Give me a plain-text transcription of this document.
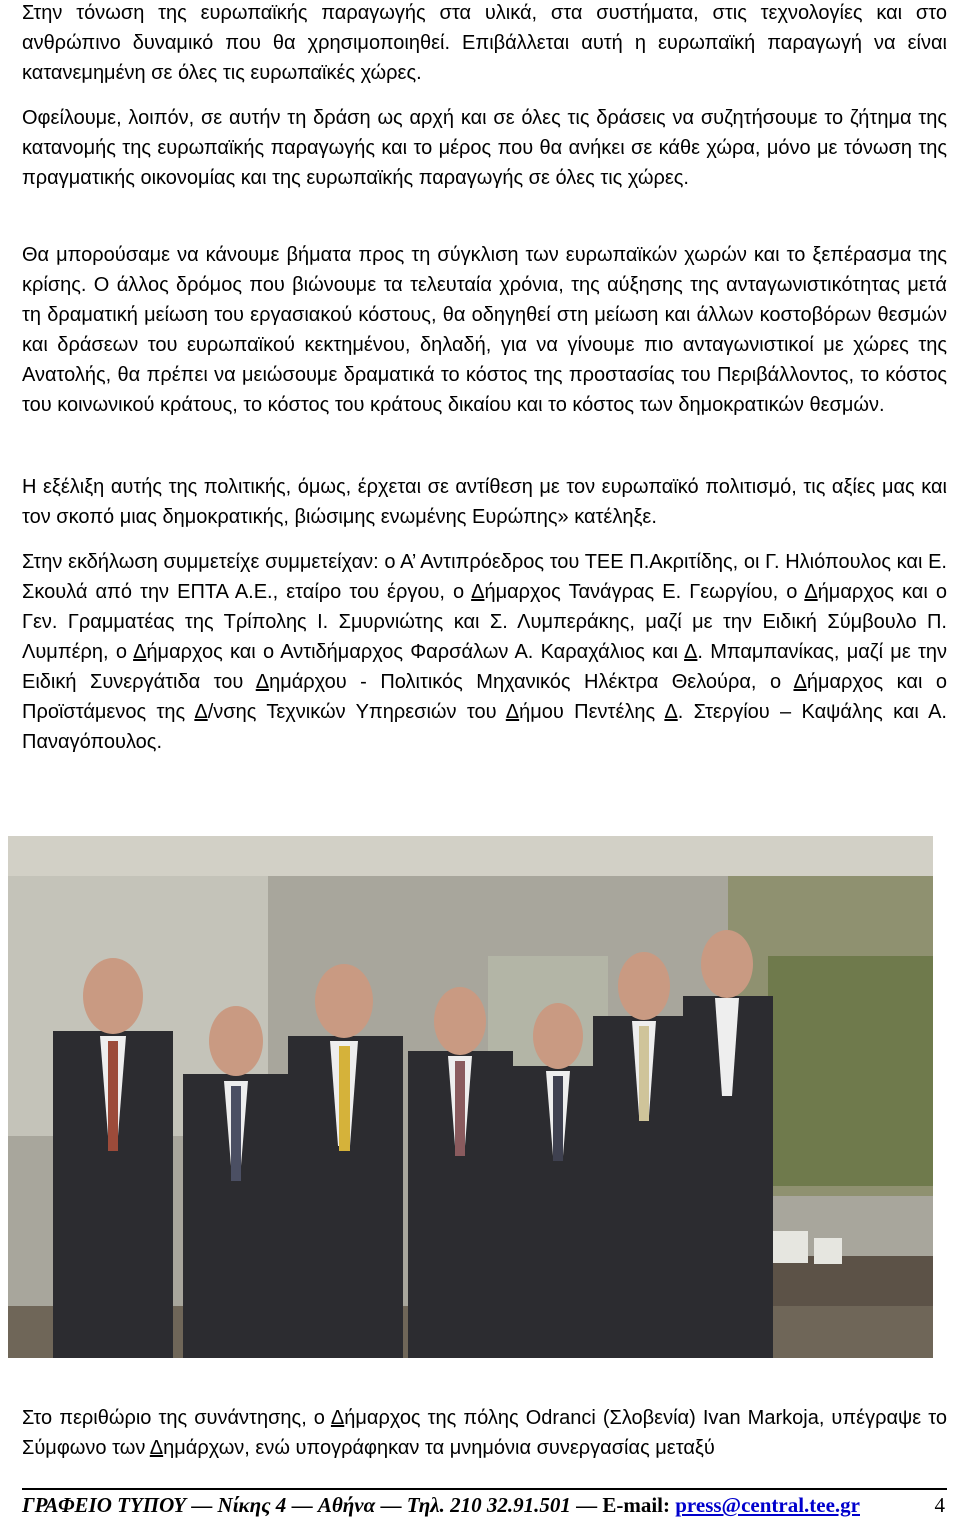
Στην τόνωση της ευρωπαϊκής παραγωγής στα υλικά, στα συστήματα, στις τεχνολογίες και στο ανθρώπινο δυναμικό που θα χρησιμοποιηθεί. Επιβάλλεται αυτή η ευρωπαϊκή παραγωγή να είναι κατανεμημένη σε όλες τις ευρωπαϊκές χώρες.

Οφείλουμε, λοιπόν, σε αυτήν τη δράση ως αρχή και σε όλες τις δράσεις να συζητήσουμε το ζήτημα της κατανομής της ευρωπαϊκής παραγωγής και το μέρος που θα ανήκει σε κάθε χώρα, μόνο με τόνωση της πραγματικής οικονομίας και της ευρωπαϊκής παραγωγής σε όλες τις χώρες.

Θα μπορούσαμε να κάνουμε βήματα προς τη σύγκλιση των ευρωπαϊκών χωρών και το ξεπέρασμα της κρίσης. Ο άλλος δρόμος που βιώνουμε τα τελευταία χρόνια, της αύξησης της ανταγωνιστικότητας μετά τη δραματική μείωση του εργασιακού κόστους, θα οδηγηθεί στη μείωση και άλλων κοστοβόρων θεσμών και δράσεων του ευρωπαϊκού κεκτημένου, δηλαδή, για να γίνουμε πιο ανταγωνιστικοί με χώρες της Ανατολής, θα πρέπει να μειώσουμε δραματικά το κόστος της προστασίας του Περιβάλλοντος, το κόστος του κοινωνικού κράτους, το κόστος του κράτους δικαίου και το κόστος των δημοκρατικών θεσμών.

Η εξέλιξη αυτής της πολιτικής, όμως, έρχεται σε αντίθεση με τον ευρωπαϊκό πολιτισμό, τις αξίες μας και τον σκοπό μιας δημοκρατικής, βιώσιμης ενωμένης Ευρώπης» κατέληξε.

Στην εκδήλωση συμμετείχε συμμετείχαν: ο Α’ Αντιπρόεδρος του ΤΕΕ Π.Ακριτίδης, οι Γ. Ηλιόπουλος και Ε. Σκουλά από την ΕΠΤΑ Α.Ε., εταίρο του έργου, ο Δήμαρχος Τανάγρας Ε. Γεωργίου, ο Δήμαρχος και ο Γεν. Γραμματέας της Τρίπολης Ι. Σμυρνιώτης και Σ. Λυμπεράκης, μαζί με την Ειδική Σύμβουλο Π. Λυμπέρη, ο Δήμαρχος και ο Αντιδήμαρχος Φαρσάλων Α. Καραχάλιος και Δ. Μπαμπανίκας, μαζί με την Ειδική Συνεργάτιδα του Δημάρχου - Πολιτικός Μηχανικός Ηλέκτρα Θελούρα, ο Δήμαρχος και ο Προϊστάμενος της Δ/νσης Τεχνικών Υπηρεσιών του Δήμου Πεντέλης Δ. Στεργίου – Καψάλης και Α. Παναγόπουλος.

Στο περιθώριο της συνάντησης, ο Δήμαρχος της πόλης Odranci (Σλοβενία) Ivan Markoja, υπέγραψε το Σύμφωνο των Δημάρχων, ενώ υπογράφηκαν τα μνημόνια συνεργασίας μεταξύ

ΓΡΑΦΕΙΟ ΤΥΠΟΥ — Νίκης 4 — Αθήνα — Τηλ. 210 32.91.501 — E-mail: press@central.tee.gr	4
